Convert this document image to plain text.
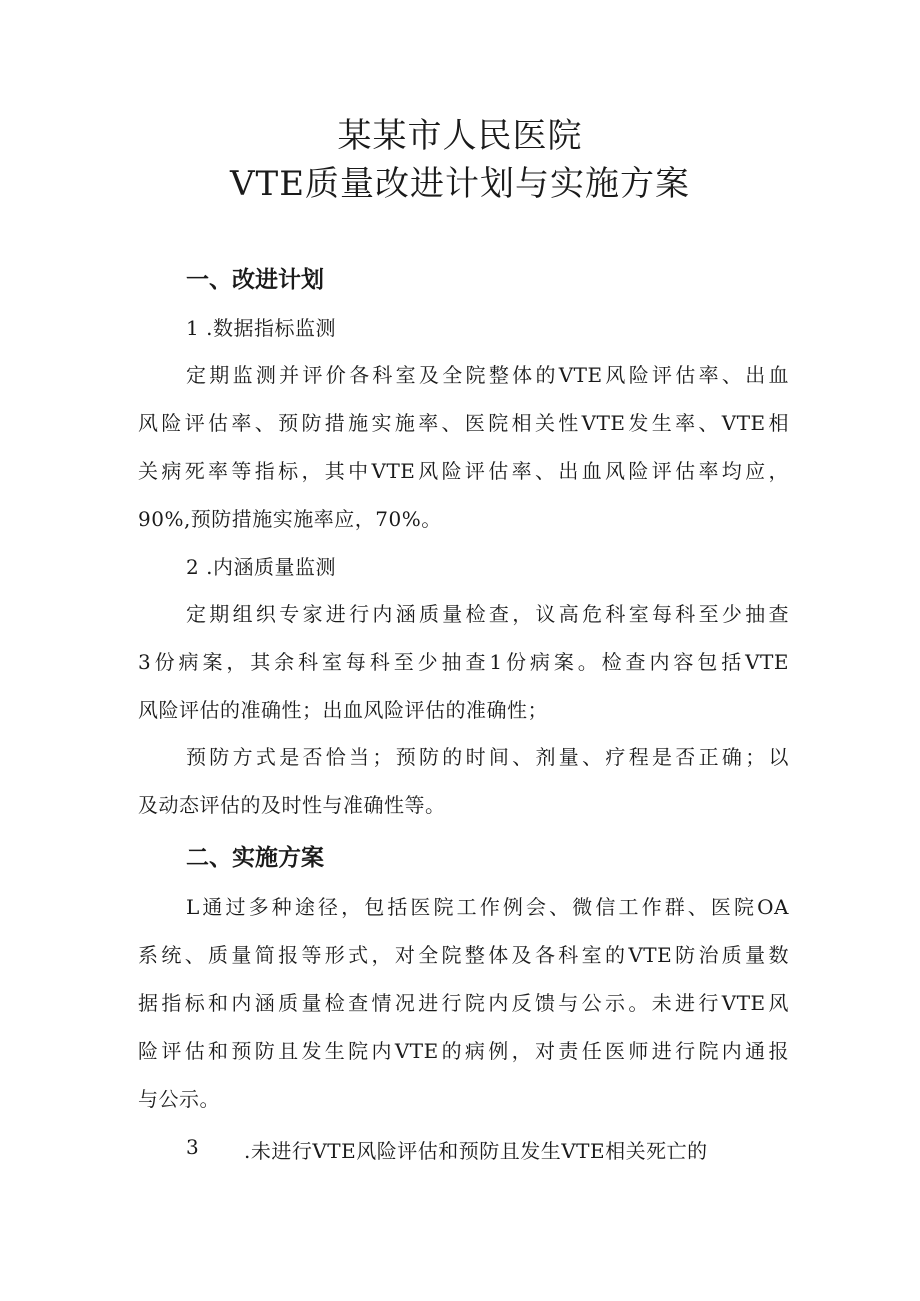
某某市人民医院
VTE质量改进计划与实施方案
一、改进计划
1 .数据指标监测
定期监测并评价各科室及全院整体的VTE风险评估率、出血
风险评估率、预防措施实施率、医院相关性VTE发生率、VTE相
关病死率等指标，其中VTE风险评估率、出血风险评估率均应，
90%,预防措施实施率应，70%。
2 .内涵质量监测
定期组织专家进行内涵质量检查，议高危科室每科至少抽查
3份病案，其余科室每科至少抽查1份病案。检查内容包括VTE
风险评估的准确性；出血风险评估的准确性；
预防方式是否恰当；预防的时间、剂量、疗程是否正确；以
及动态评估的及时性与准确性等。
二、实施方案
L通过多种途径，包括医院工作例会、微信工作群、医院OA
系统、质量简报等形式，对全院整体及各科室的VTE防治质量数
据指标和内涵质量检查情况进行院内反馈与公示。未进行VTE风
险评估和预防且发生院内VTE的病例，对责任医师进行院内通报
与公示。
3 .未进行VTE风险评估和预防且发生VTE相关死亡的
